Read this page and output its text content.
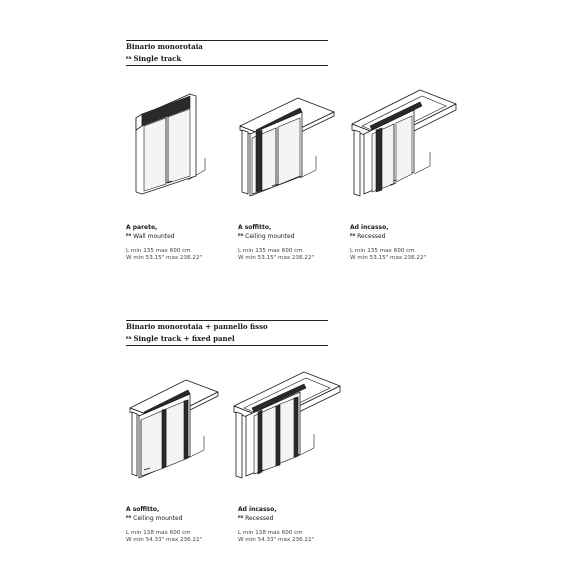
Binario monorotaia
$^{EN}$ Single track
A parete,
$^{EN}$ Wall mounted
L min 135 max 600 cm
W min 53.15" max 236.22"
A soffitto,
$^{EN}$ Ceiling mounted
L min 135 max 600 cm
W min 53.15" max 236.22"
Ad incasso,
$^{EN}$ Recessed
L min 135 max 600 cm
W min 53.15" max 236.22"
Binario monorotaia + pannello fisso
$^{EN}$ Single track + fixed panel
A soffitto,
$^{EN}$ Ceiling mounted
L min 138 max 600 cm
W min 54.33" max 236.22"
Ad incasso,
$^{EN}$ Recessed
L min 138 max 600 cm
W min 54.33" max 236.22"
